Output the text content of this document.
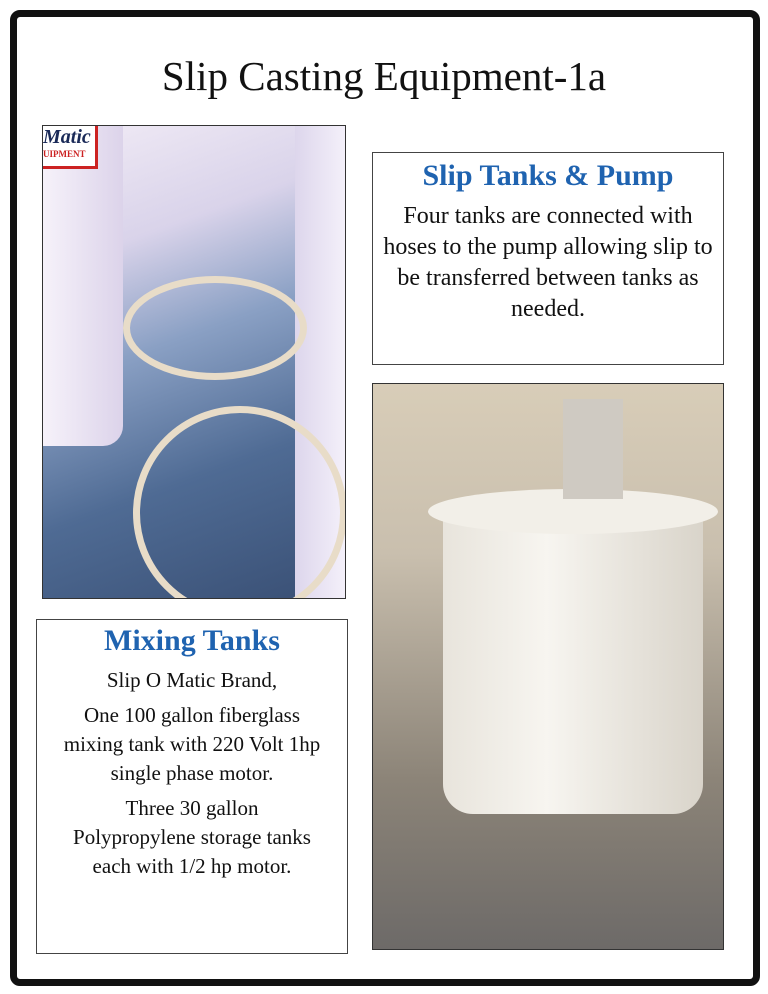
Slip Casting Equipment-1a
Matic
UIPMENT
Slip Tanks & Pump
Four tanks are connected with hoses to the pump allowing slip to be transferred between tanks as needed.
Mixing Tanks
Slip O Matic Brand,
One 100 gallon fiberglass mixing tank with 220 Volt 1hp single phase motor.
Three 30 gallon Polypropylene storage tanks each with 1/2 hp motor.
